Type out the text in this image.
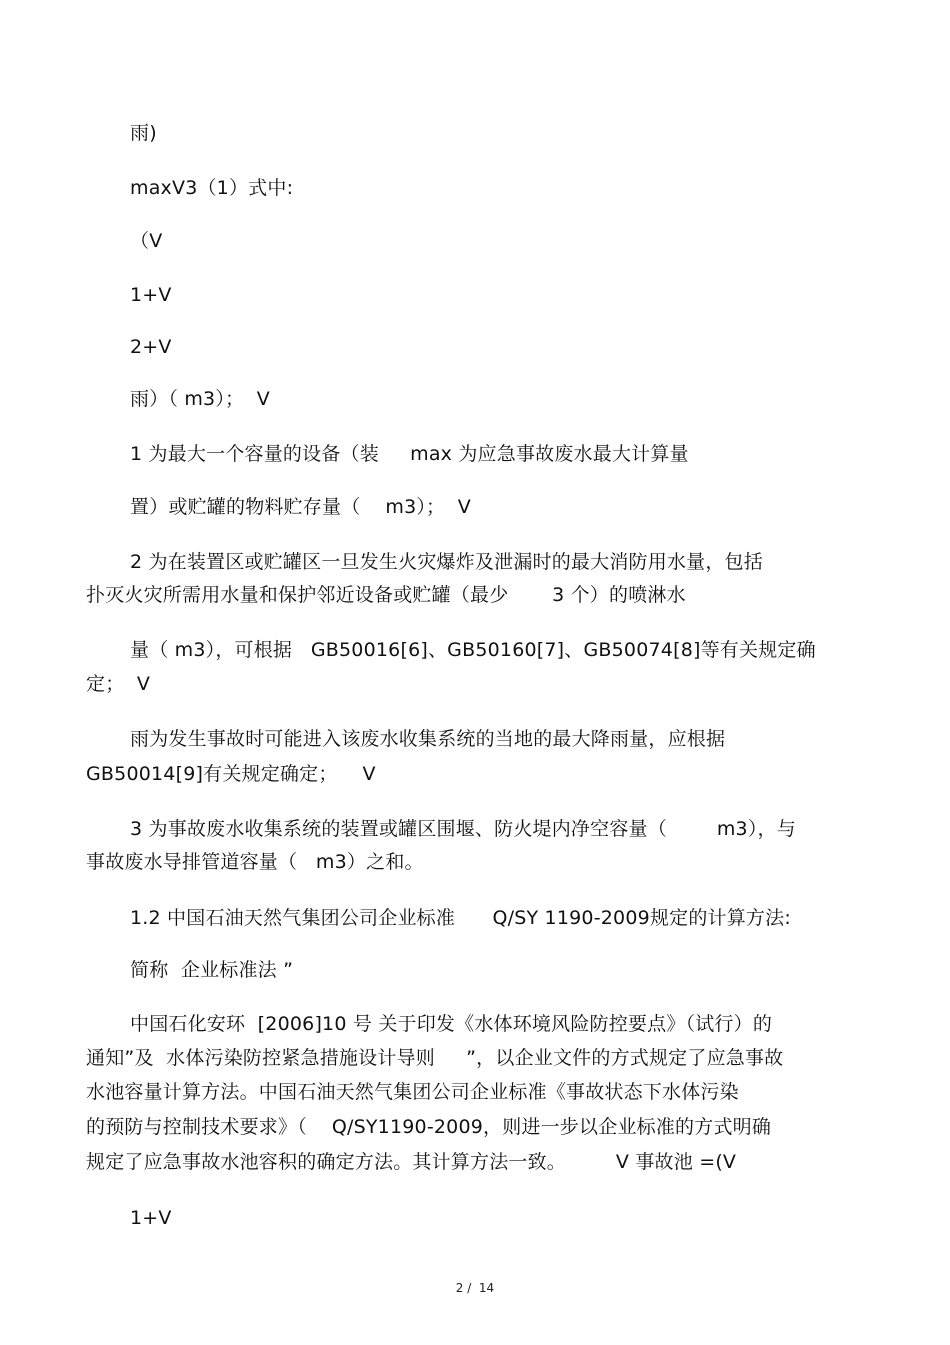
雨)
maxV3（1）式中:
（V
1+V
2+V
雨）（ m3）；  V
1 为最大一个容量的设备（装     max 为应急事故废水最大计算量
置）或贮罐的物料贮存量（    m3）；  V
2 为在装置区或贮罐区一旦发生火灾爆炸及泄漏时的最大消防用水量，包括
扑灭火灾所需用水量和保护邻近设备或贮罐（最少       3 个）的喷淋水
量（ m3），可根据   GB50016[6]、GB50160[7]、GB50074[8]等有关规定确
定；  V
雨为发生事故时可能进入该废水收集系统的当地的最大降雨量，应根据
GB50014[9]有关规定确定；    V
3 为事故废水收集系统的装置或罐区围堰、防火堤内净空容量（        m3），与
事故废水导排管道容量（   m3）之和。
1.2 中国石油天然气集团公司企业标准      Q/SY 1190-2009规定的计算方法:
简称  企业标准法 ”
中国石化安环  [2006]10 号 关于印发《水体环境风险防控要点》（试行）的
通知”及  水体污染防控紧急措施设计导则     ”，以企业文件的方式规定了应急事故
水池容量计算方法。中国石油天然气集团公司企业标准《事故状态下水体污染
的预防与控制技术要求》（    Q/SY1190-2009，则进一步以企业标准的方式明确
规定了应急事故水池容积的确定方法。其计算方法一致。        V 事故池 =(V
1+V
2 /  14
